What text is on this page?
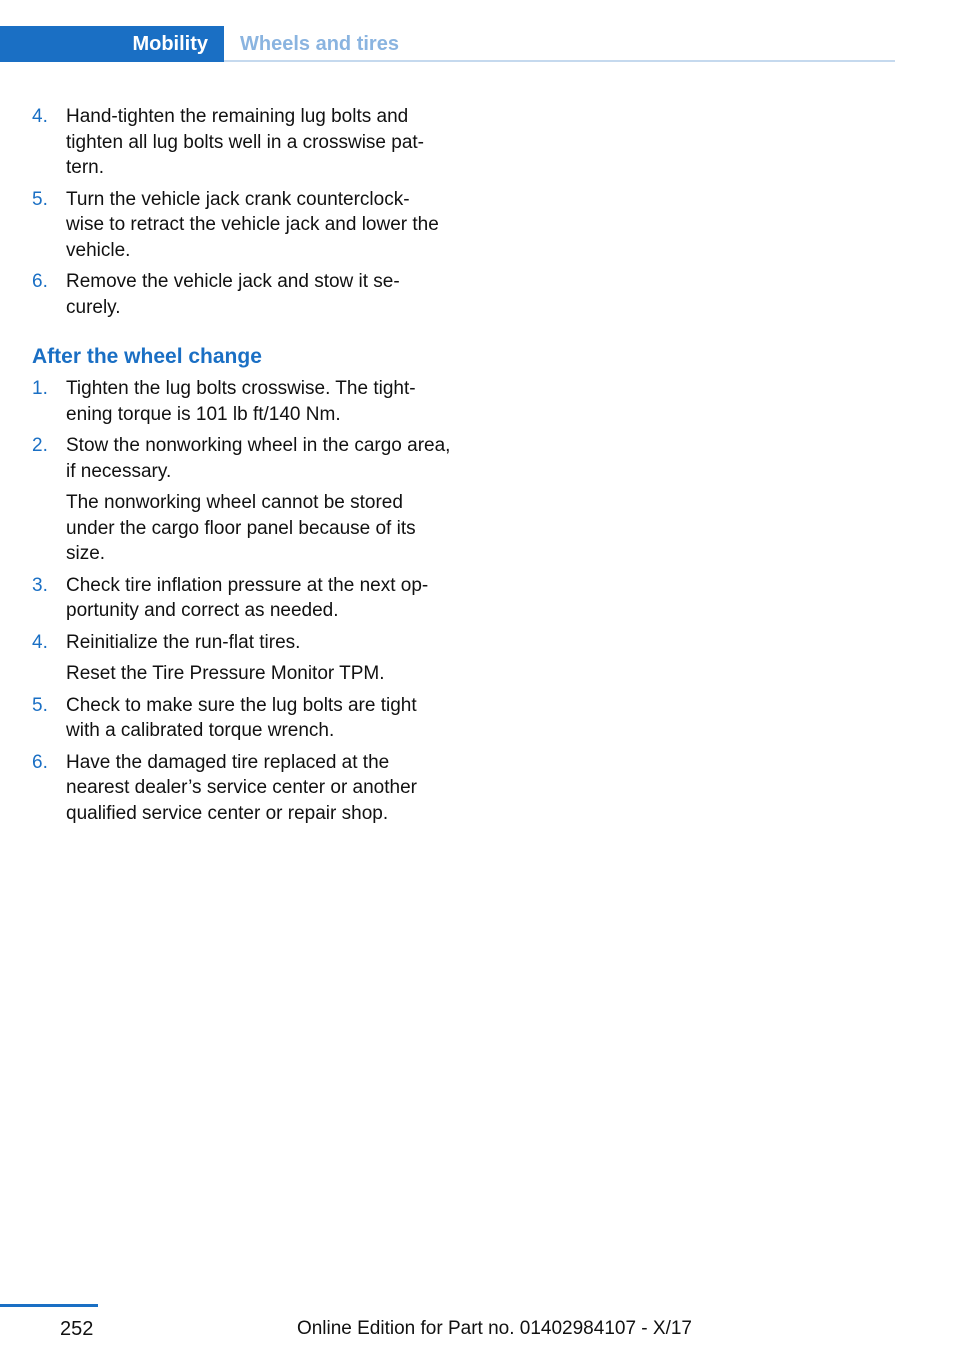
Mobility	Wheels and tires
4. Hand-tighten the remaining lug bolts and tighten all lug bolts well in a crosswise pat‐ tern.

5. Turn the vehicle jack crank counterclock‐ wise to retract the vehicle jack and lower the vehicle.

6. Remove the vehicle jack and stow it se‐ curely.

After the wheel change
1. Tighten the lug bolts crosswise. The tight‐ ening torque is 101 lb ft/140 Nm.

2. Stow the nonworking wheel in the cargo area, if necessary.

The nonworking wheel cannot be stored under the cargo floor panel because of its size.

3. Check tire inflation pressure at the next op‐ portunity and correct as needed.

4. Reinitialize the run-flat tires.

Reset the Tire Pressure Monitor TPM.

5. Check to make sure the lug bolts are tight with a calibrated torque wrench.

6. Have the damaged tire replaced at the nearest dealer’s service center or another qualified service center or repair shop.

252	Online Edition for Part no. 01402984107 - X/17
